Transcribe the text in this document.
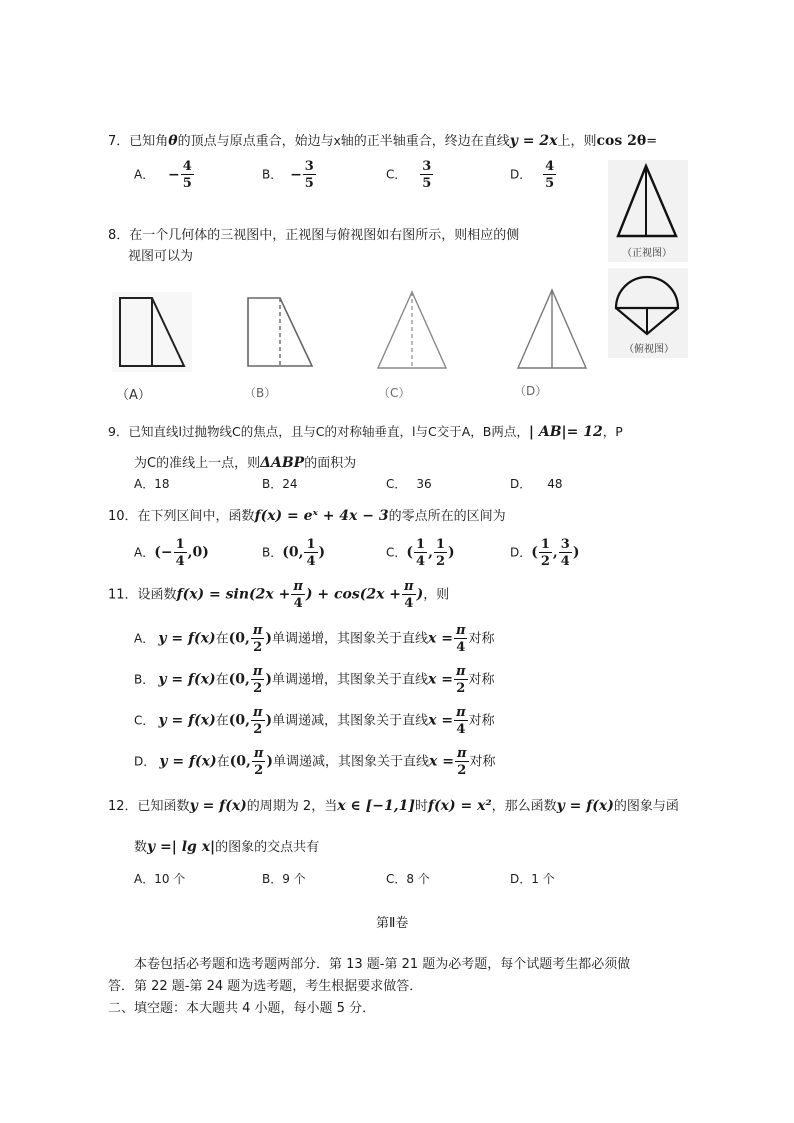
7．已知角θ的顶点与原点重合，始边与x轴的正半轴重合，终边在直线y = 2x上，则cos 2θ=
A． − $\frac{4}{5}$	B． − $\frac{3}{5}$	C． $\frac{3}{5}$	D． $\frac{4}{5}$
（正视图）
8．在一个几何体的三视图中，正视图与俯视图如右图所示，则相应的侧
视图可以为
（俯视图）
（A）	（B）	（C）	（D）
9．已知直线l过抛物线C的焦点，且与C的对称轴垂直，l与C交于A，B两点，| AB|= 12，P
为C的准线上一点，则ΔABP的面积为
A．18	B．24	C． 36	D． 48
10．在下列区间中，函数f(x) = eˣ + 4x − 3的零点所在的区间为
A．(− $\frac{1}{4} ,0$)	B．(0, $\frac{1}{4}$ )	C．( $\frac{1}{4}$ , $\frac{1}{2}$ )	D．( $\frac{1}{2}$ , $\frac{3}{4}$ )
11．设函数$f(x) = \sin(2x + \frac{\pi}{4}$ ) + $\cos(2x + \frac{\pi}{4}$ )，则
A． y = f(x)在(0, $\frac{\pi}{2}$ )单调递增，其图象关于直线$x = \frac{\pi}{4}$ 对称
B． y = f(x)在(0, $\frac{\pi}{2}$ )单调递增，其图象关于直线$x = \frac{\pi}{2}$ 对称
C． y = f(x)在(0, $\frac{\pi}{2}$ )单调递减，其图象关于直线$x = \frac{\pi}{4}$ 对称
D． y = f(x)在(0, $\frac{\pi}{2}$ )单调递减，其图象关于直线$x = \frac{\pi}{2}$ 对称
12．已知函数y = f(x)的周期为 2，当x ∈ [−1,1]时f(x) = x²，那么函数y = f(x)的图象与函
数y =| lg x|的图象的交点共有
A．10 个	B．9 个	C．8 个	D．1 个
第Ⅱ卷
本卷包括必考题和选考题两部分．第 13 题-第 21 题为必考题，每个试题考生都必须做
答．第 22 题-第 24 题为选考题，考生根据要求做答．
二、填空题：本大题共 4 小题，每小题 5 分．
